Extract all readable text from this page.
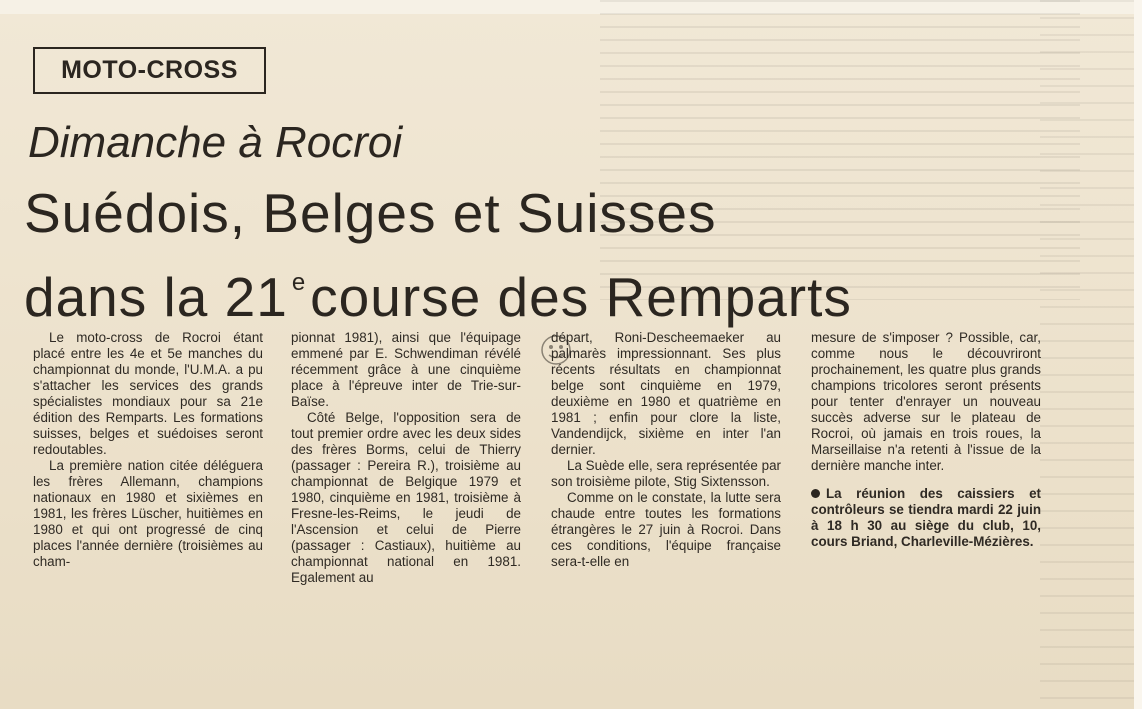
MOTO-CROSS
Dimanche à Rocroi
Suédois, Belges et Suisses
dans la 21 $^e$course des Remparts

Le moto-cross de Rocroi étant placé entre les 4e et 5e manches du championnat du monde, l'U.M.A. a pu s'attacher les services des grands spécialistes mondiaux pour sa 21e édition des Remparts. Les formations suisses, belges et suédoises seront redoutables.

La première nation citée déléguera les frères Allemann, champions nationaux en 1980 et sixièmes en 1981, les frères Lüscher, huitièmes en 1980 et qui ont progressé de cinq places l'année dernière (troisièmes au cham-

pionnat 1981), ainsi que l'équipage emmené par E. Schwendiman révélé récemment grâce à une cinquième place à l'épreuve inter de Trie-sur-Baïse.

Côté Belge, l'opposition sera de tout premier ordre avec les deux sides des frères Borms, celui de Thierry (passager : Pereira R.), troisième au championnat de Belgique 1979 et 1980, cinquième en 1981, troisième à Fresne-les-Reims, le jeudi de l'Ascension et celui de Pierre (passager : Castiaux), huitième au championnat national en 1981. Egalement au

départ, Roni-Descheemaeker au palmarès impressionnant. Ses plus récents résultats en championnat belge sont cinquième en 1979, deuxième en 1980 et quatrième en 1981 ; enfin pour clore la liste, Vandendijck, sixième en inter l'an dernier.

La Suède elle, sera représentée par son troisième pilote, Stig Sixtensson.

Comme on le constate, la lutte sera chaude entre toutes les formations étrangères le 27 juin à Rocroi. Dans ces conditions, l'équipe française sera-t-elle en

mesure de s'imposer ? Possible, car, comme nous le découvriront prochainement, les quatre plus grands champions tricolores seront présents pour tenter d'enrayer un nouveau succès adverse sur le plateau de Rocroi, où jamais en trois roues, la Marseillaise n'a retenti à l'issue de la dernière manche inter.

La réunion des caissiers et contrôleurs se tiendra mardi 22 juin à 18 h 30 au siège du club, 10, cours Briand, Charleville-Mézières.
